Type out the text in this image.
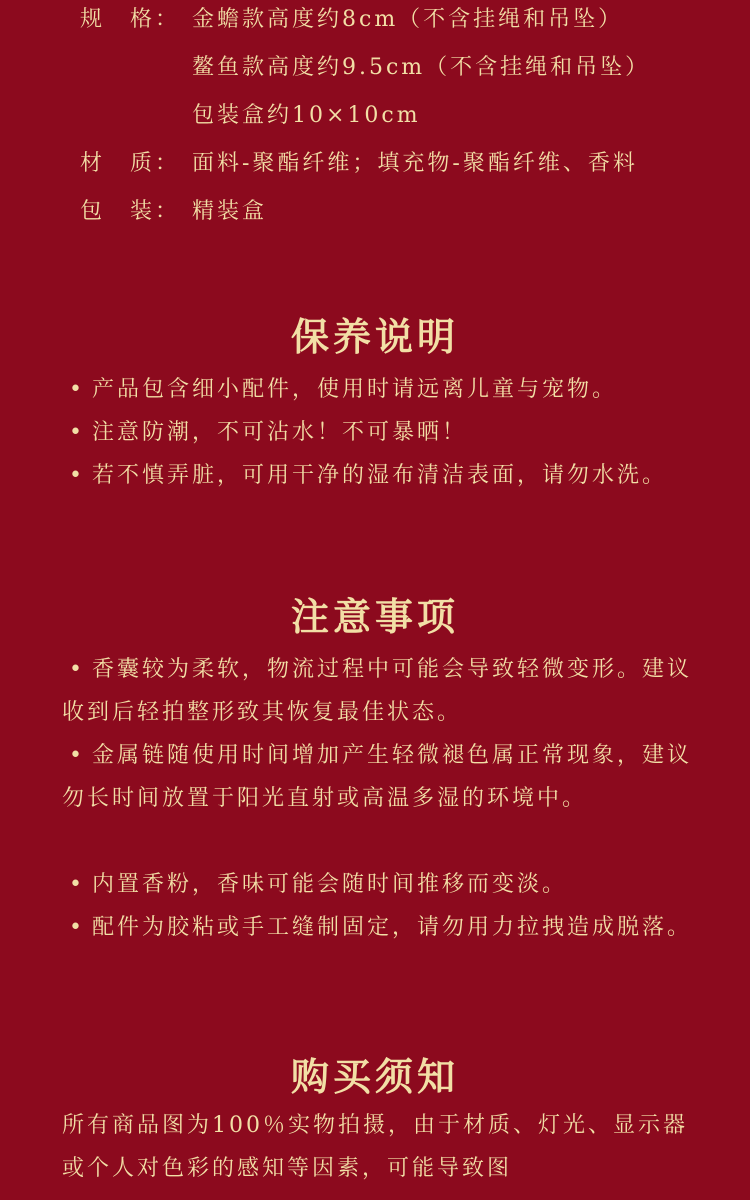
规　格： 金蟾款高度约8cm（不含挂绳和吊坠）
鳌鱼款高度约9.5cm（不含挂绳和吊坠）
包装盒约10×10cm
材　质： 面料-聚酯纤维；填充物-聚酯纤维、香料
包　装： 精装盒
保养说明

• 产品包含细小配件，使用时请远离儿童与宠物。

• 注意防潮，不可沾水！不可暴晒！

• 若不慎弄脏，可用干净的湿布清洁表面，请勿水洗。

注意事项

• 香囊较为柔软，物流过程中可能会导致轻微变形。建议收到后轻拍整形致其恢复最佳状态。

• 金属链随使用时间增加产生轻微褪色属正常现象，建议勿长时间放置于阳光直射或高温多湿的环境中。

• 内置香粉，香味可能会随时间推移而变淡。

• 配件为胶粘或手工缝制固定，请勿用力拉拽造成脱落。

购买须知

所有商品图为100％实物拍摄，由于材质、灯光、显示器或个人对色彩的感知等因素，可能导致图
